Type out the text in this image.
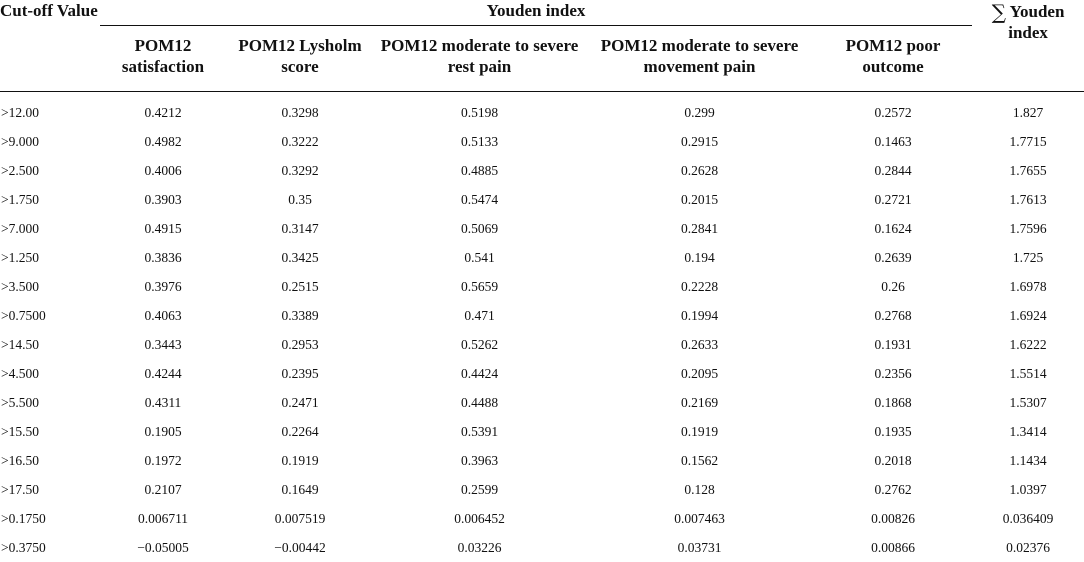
Cut-off Value	Youden index					∑ Youden index
	POM12 satisfaction	POM12 Lysholm score	POM12 moderate to severe rest pain	POM12 moderate to severe movement pain	POM12 poor outcome	
>12.00	0.4212	0.3298	0.5198	0.299	0.2572	1.827
>9.000	0.4982	0.3222	0.5133	0.2915	0.1463	1.7715
>2.500	0.4006	0.3292	0.4885	0.2628	0.2844	1.7655
>1.750	0.3903	0.35	0.5474	0.2015	0.2721	1.7613
>7.000	0.4915	0.3147	0.5069	0.2841	0.1624	1.7596
>1.250	0.3836	0.3425	0.541	0.194	0.2639	1.725
>3.500	0.3976	0.2515	0.5659	0.2228	0.26	1.6978
>0.7500	0.4063	0.3389	0.471	0.1994	0.2768	1.6924
>14.50	0.3443	0.2953	0.5262	0.2633	0.1931	1.6222
>4.500	0.4244	0.2395	0.4424	0.2095	0.2356	1.5514
>5.500	0.4311	0.2471	0.4488	0.2169	0.1868	1.5307
>15.50	0.1905	0.2264	0.5391	0.1919	0.1935	1.3414
>16.50	0.1972	0.1919	0.3963	0.1562	0.2018	1.1434
>17.50	0.2107	0.1649	0.2599	0.128	0.2762	1.0397
>0.1750	0.006711	0.007519	0.006452	0.007463	0.00826	0.036409
>0.3750	−0.05005	−0.00442	0.03226	0.03731	0.00866	0.02376
